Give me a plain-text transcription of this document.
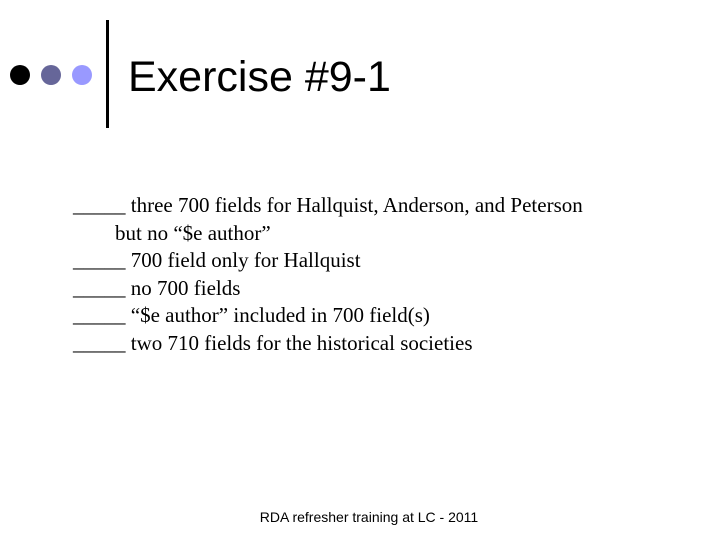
Exercise #9-1
_____ three 700 fields for Hallquist, Anderson, and Peterson
but no “$e author”
_____ 700 field only for Hallquist
_____ no 700 fields
_____ “$e author” included in 700 field(s)
_____ two 710 fields for the historical societies
RDA refresher training at LC - 2011
